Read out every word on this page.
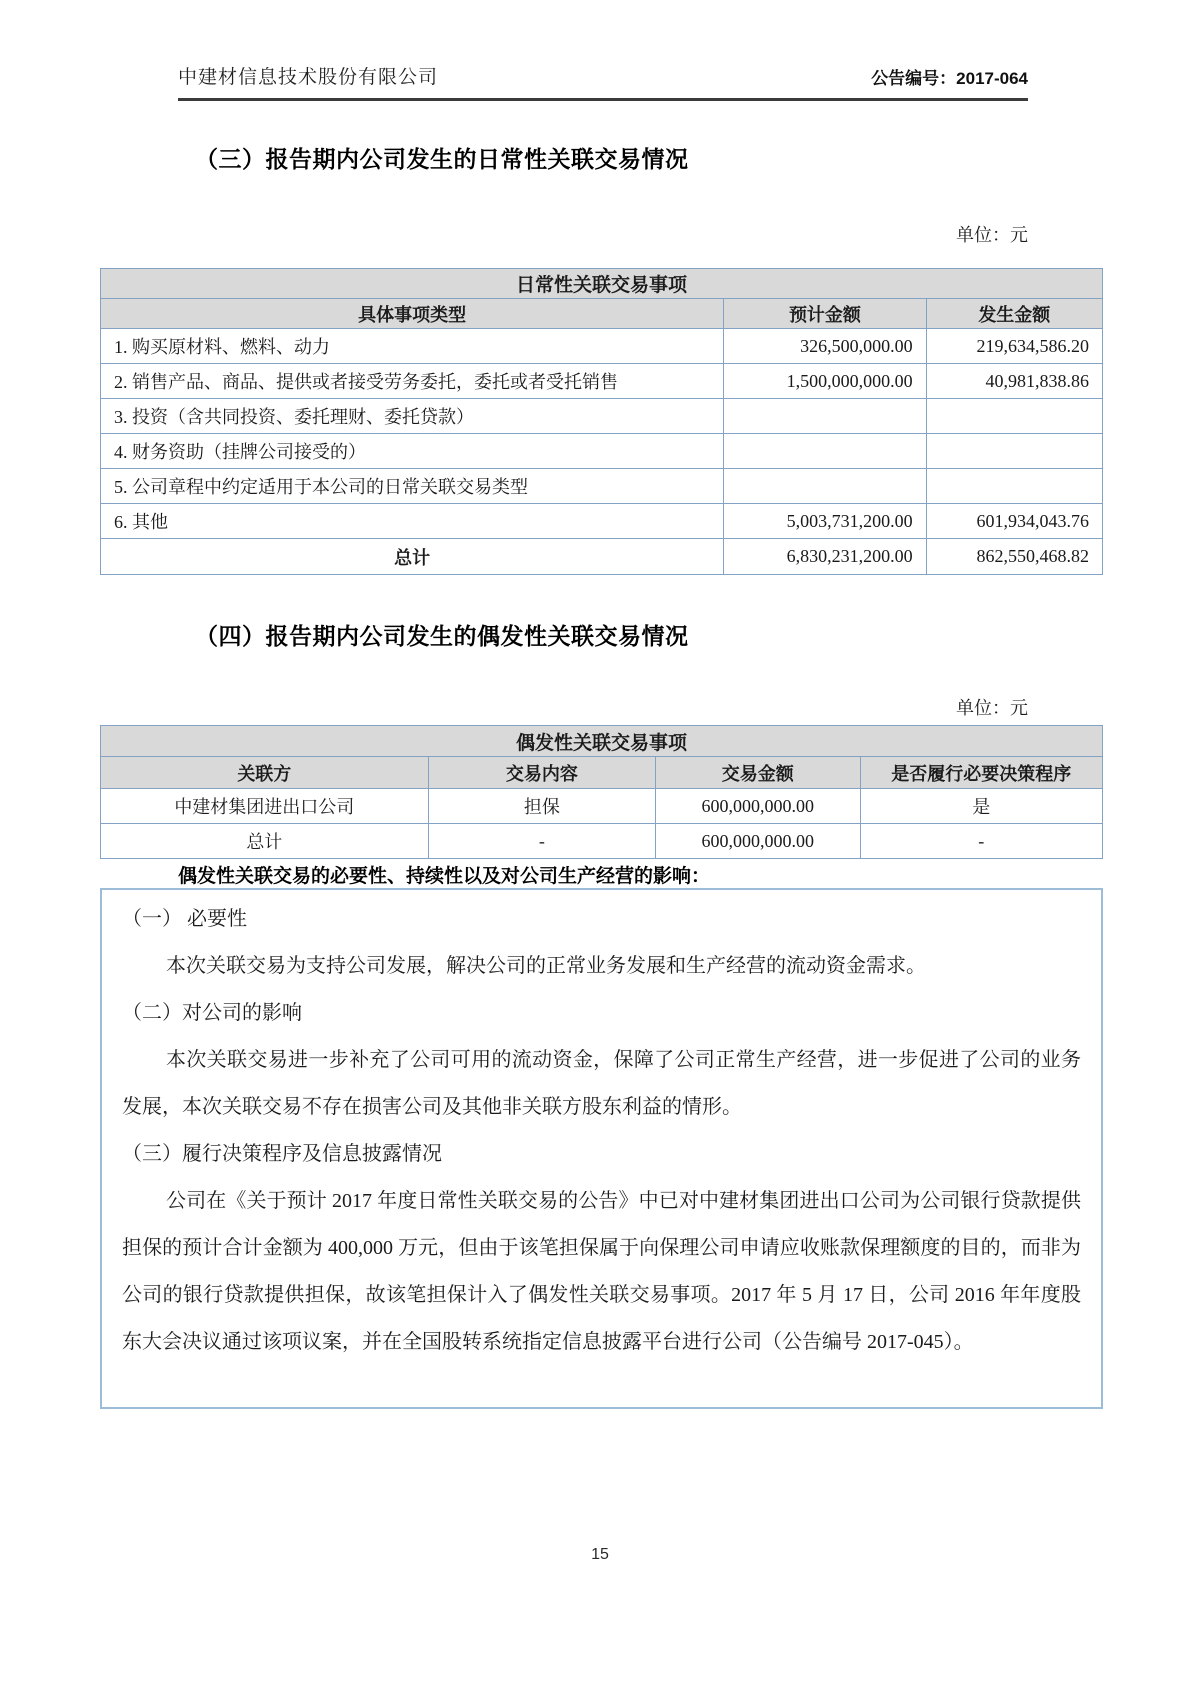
中建材信息技术股份有限公司	公告编号：2017-064
（三）报告期内公司发生的日常性关联交易情况
单位：元
日常性关联交易事项		
具体事项类型	预计金额	发生金额
1. 购买原材料、燃料、动力	326,500,000.00	219,634,586.20
2. 销售产品、商品、提供或者接受劳务委托，委托或者受托销售	1,500,000,000.00	40,981,838.86
3. 投资（含共同投资、委托理财、委托贷款）		
4. 财务资助（挂牌公司接受的）		
5. 公司章程中约定适用于本公司的日常关联交易类型		
6. 其他	5,003,731,200.00	601,934,043.76
总计	6,830,231,200.00	862,550,468.82
（四）报告期内公司发生的偶发性关联交易情况
单位：元
偶发性关联交易事项			
关联方	交易内容	交易金额	是否履行必要决策程序
中建材集团进出口公司	担保	600,000,000.00	是
总计	-	600,000,000.00	-
偶发性关联交易的必要性、持续性以及对公司生产经营的影响：
（一） 必要性
本次关联交易为支持公司发展，解决公司的正常业务发展和生产经营的流动资金需求。
（二）对公司的影响
本次关联交易进一步补充了公司可用的流动资金，保障了公司正常生产经营，进一步促进了公司的业务发展，本次关联交易不存在损害公司及其他非关联方股东利益的情形。
（三）履行决策程序及信息披露情况
公司在《关于预计 2017 年度日常性关联交易的公告》中已对中建材集团进出口公司为公司银行贷款提供担保的预计合计金额为 400,000 万元，但由于该笔担保属于向保理公司申请应收账款保理额度的目的，而非为公司的银行贷款提供担保，故该笔担保计入了偶发性关联交易事项。2017 年 5 月 17 日，公司 2016 年年度股东大会决议通过该项议案，并在全国股转系统指定信息披露平台进行公司（公告编号 2017-045）。
15
